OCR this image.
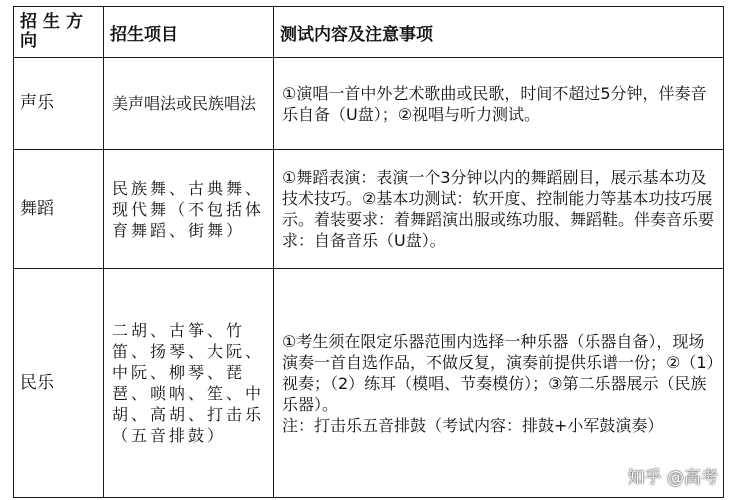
招生方向	招生项目	测试内容及注意事项
声乐	美声唱法或民族唱法	①演唱一首中外艺术歌曲或民歌，时间不超过5分钟，伴奏音乐自备（U盘）；②视唱与听力测试。
舞蹈	民族舞、古典舞、现代舞（不包括体育舞蹈、街舞）	①舞蹈表演：表演一个3分钟以内的舞蹈剧目，展示基本功及技术技巧。②基本功测试：软开度、控制能力等基本功技巧展示。着装要求：着舞蹈演出服或练功服、舞蹈鞋。伴奏音乐要求：自备音乐（U盘）。
民乐	二胡、古筝、竹笛、扬琴、大阮、中阮、柳琴、琵琶、唢呐、笙、中胡、高胡、打击乐（五音排鼓）	①考生须在限定乐器范围内选择一种乐器（乐器自备），现场演奏一首自选作品，不做反复，演奏前提供乐谱一份；②（1）视奏；（2）练耳（模唱、节奏模仿）；③第二乐器展示（民族乐器）。
注：打击乐五音排鼓（考试内容：排鼓+小军鼓演奏）
知乎 @高考
